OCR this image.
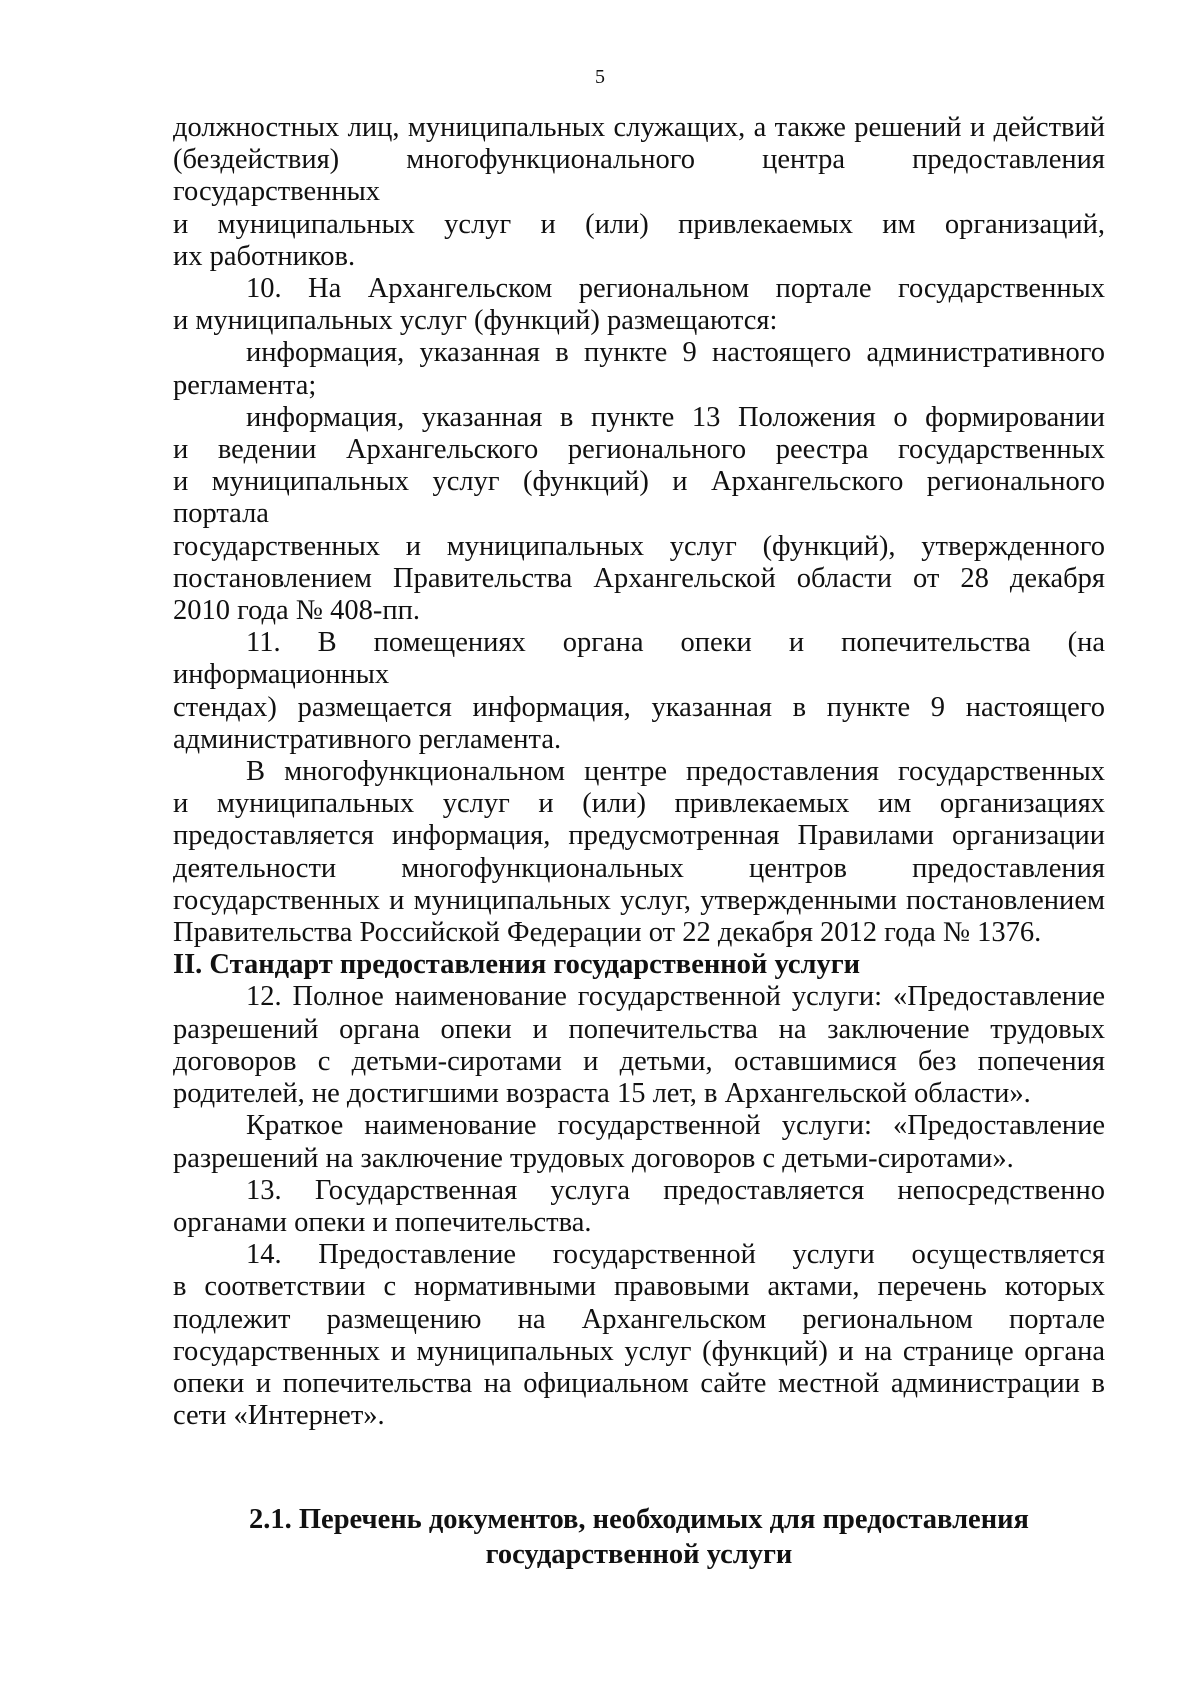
5

должностных лиц, муниципальных служащих, а также решений и действий
(бездействия) многофункционального центра предоставления
государственных
и муниципальных услуг и (или) привлекаемых им организаций,
их работников.

10. На Архангельском региональном портале государственных
и муниципальных услуг (функций) размещаются:

информация, указанная в пункте 9 настоящего административного
регламента;

информация, указанная в пункте 13 Положения о формировании
и ведении Архангельского регионального реестра государственных
и муниципальных услуг (функций) и Архангельского регионального портала
государственных и муниципальных услуг (функций), утвержденного
постановлением Правительства Архангельской области от 28 декабря
2010 года № 408-пп.

11. В помещениях органа опеки и попечительства (на информационных
стендах) размещается информация, указанная в пункте 9 настоящего
административного регламента.

В многофункциональном центре предоставления государственных
и муниципальных услуг и (или) привлекаемых им организациях
предоставляется информация, предусмотренная Правилами организации
деятельности многофункциональных центров предоставления
государственных и муниципальных услуг, утвержденными постановлением
Правительства Российской Федерации от 22 декабря 2012 года № 1376.

II. Стандарт предоставления государственной услуги

12. Полное наименование государственной услуги: «Предоставление
разрешений органа опеки и попечительства на заключение трудовых
договоров с детьми-сиротами и детьми, оставшимися без попечения
родителей, не достигшими возраста 15 лет, в Архангельской области».

Краткое наименование государственной услуги: «Предоставление
разрешений на заключение трудовых договоров с детьми-сиротами».

13. Государственная услуга предоставляется непосредственно
органами опеки и попечительства.

14. Предоставление государственной услуги осуществляется
в соответствии с нормативными правовыми актами, перечень которых
подлежит размещению на Архангельском региональном портале
государственных и муниципальных услуг (функций) и на странице органа
опеки и попечительства на официальном сайте местной администрации в
сети «Интернет».

2.1. Перечень документов, необходимых для предоставления
государственной услуги
